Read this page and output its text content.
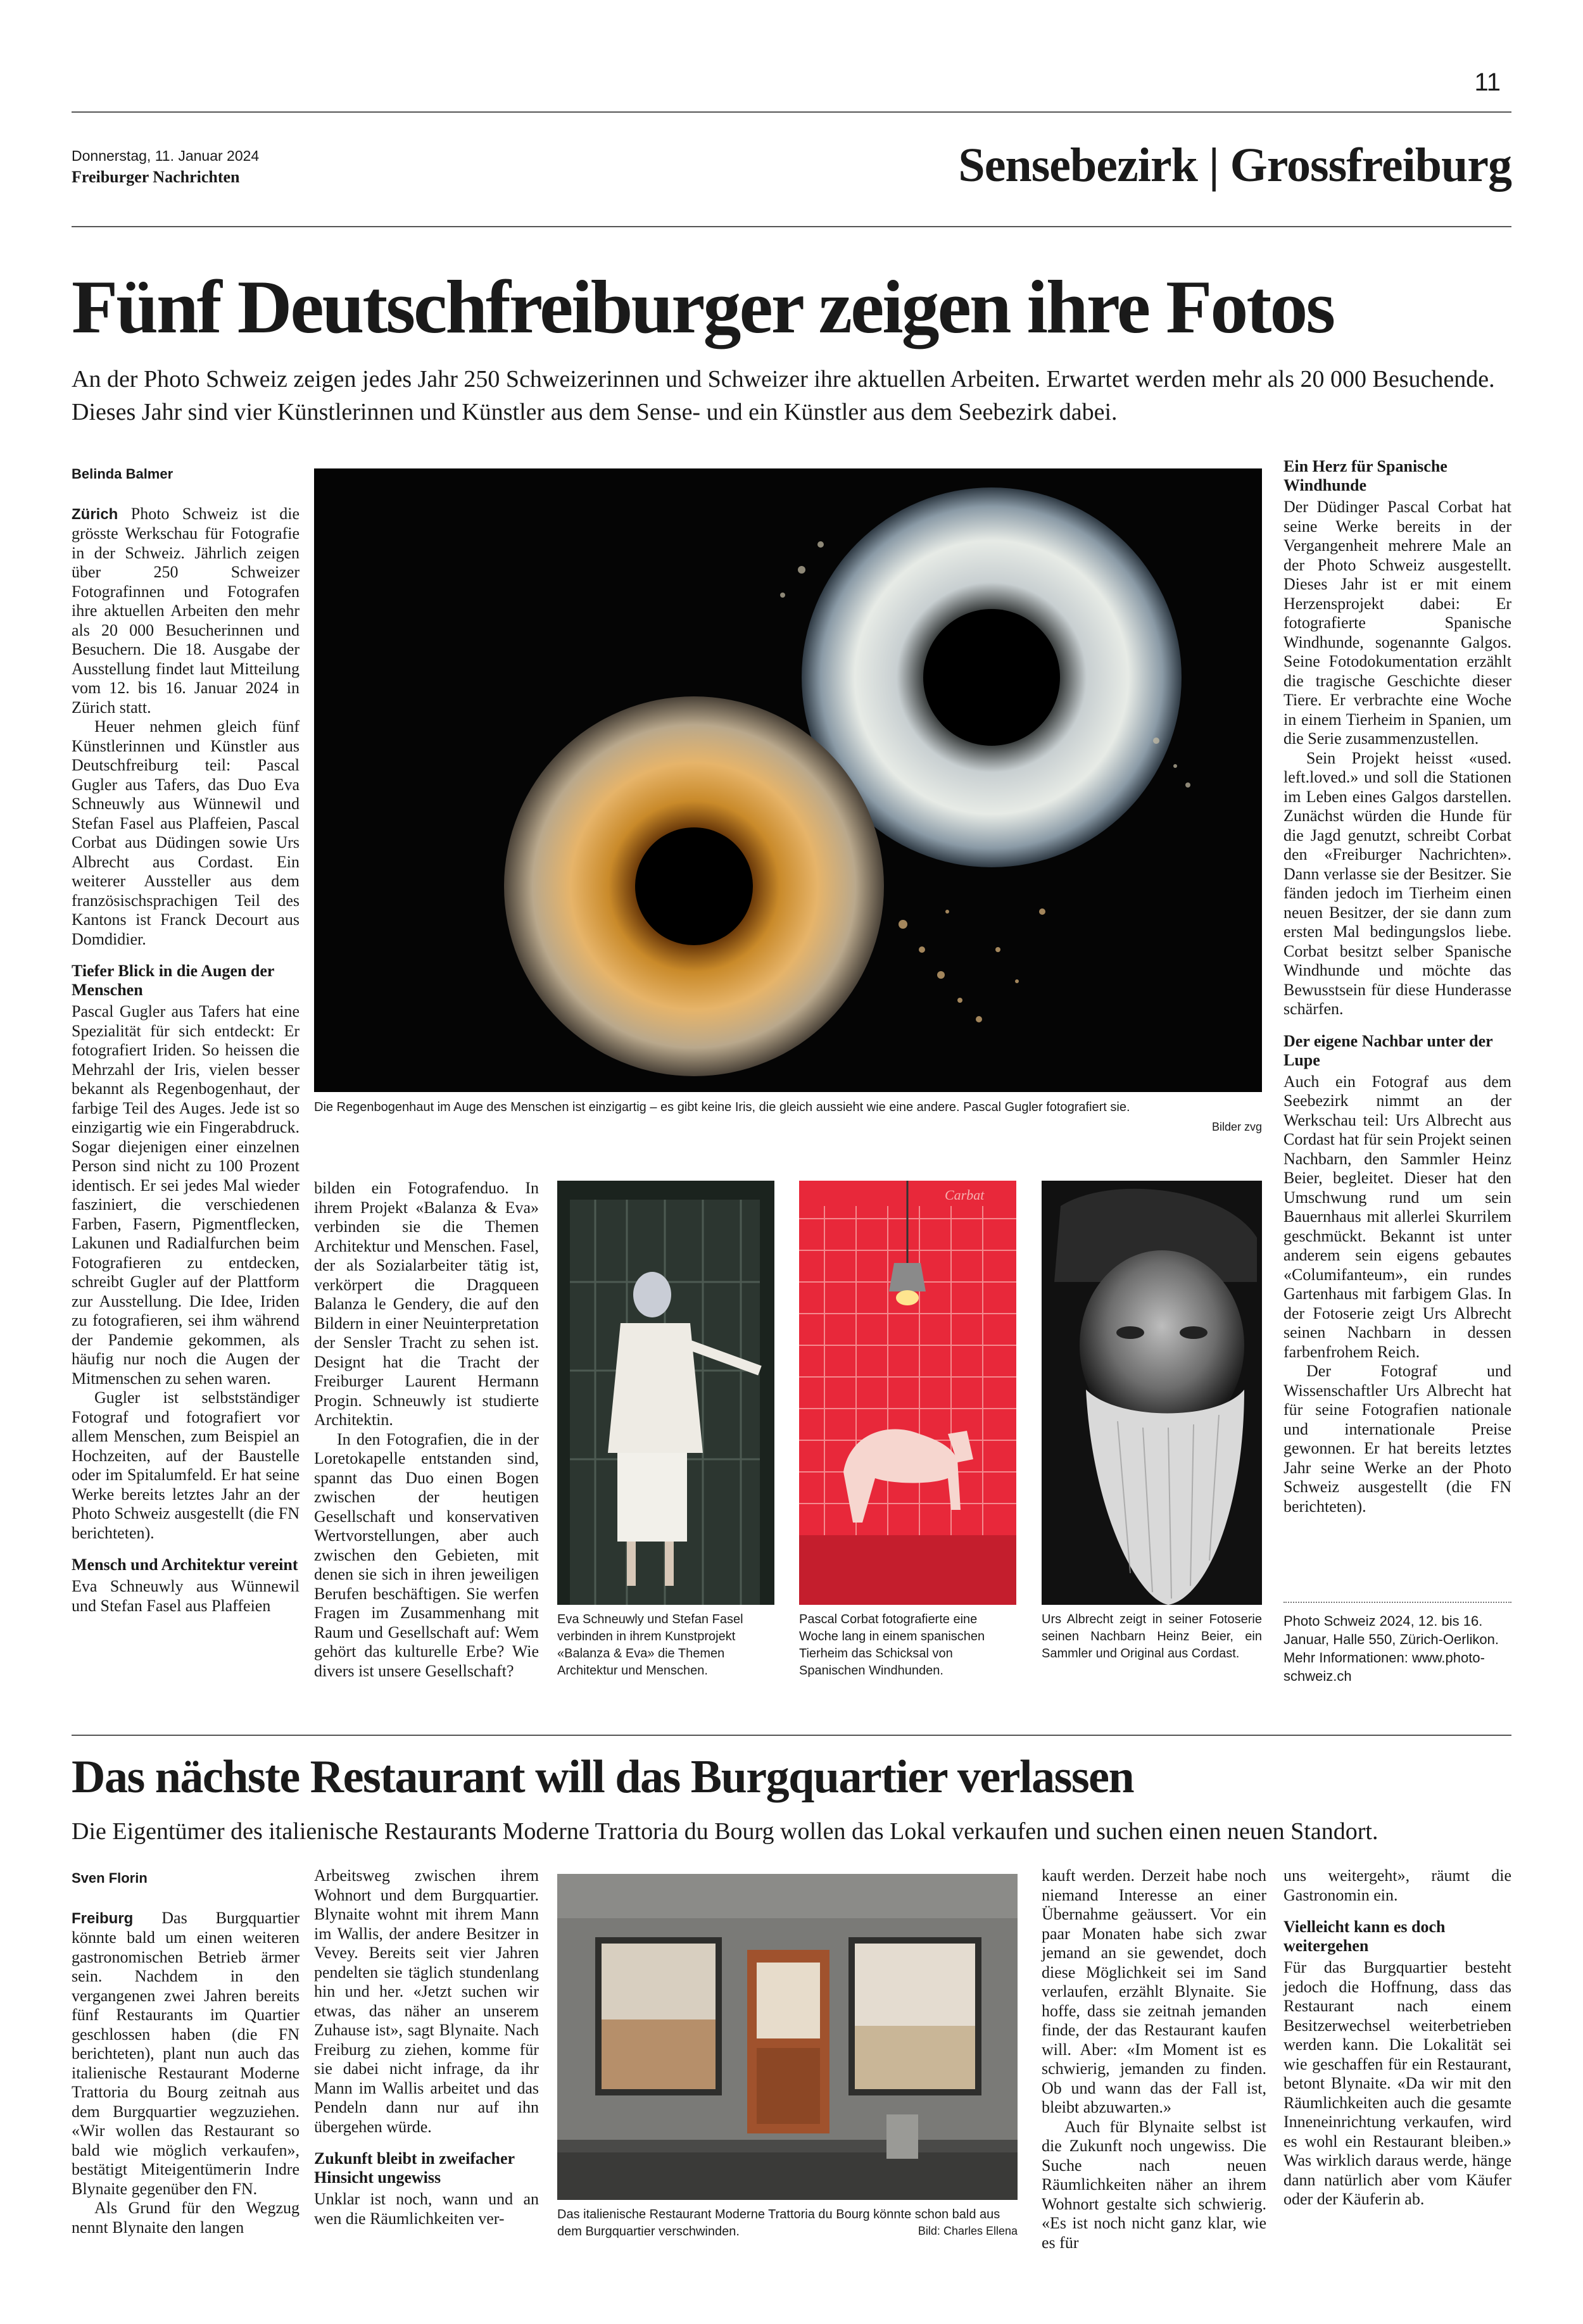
11
Donnerstag, 11. Januar 2024
Freiburger Nachrichten	Sensebezirk | Grossfreiburg
Fünf Deutschfreiburger zeigen ihre Fotos
An der Photo Schweiz zeigen jedes Jahr 250 Schweizerinnen und Schweizer ihre aktuellen Arbeiten. Erwartet werden mehr als 20 000 Besuchende. Dieses Jahr sind vier Künstlerinnen und Künstler aus dem Sense- und ein Künstler aus dem Seebezirk dabei.
Belinda Balmer

Zürich Photo Schweiz ist die grösste Werkschau für Fotografie in der Schweiz. Jährlich zeigen über 250 Schweizer Fotografinnen und Fotografen ihre aktuellen Arbeiten den mehr als 20 000 Besucherinnen und Besuchern. Die 18. Ausgabe der Ausstellung findet laut Mitteilung vom 12. bis 16. Januar 2024 in Zürich statt.

Heuer nehmen gleich fünf Künstlerinnen und Künstler aus Deutschfreiburg teil: Pascal Gugler aus Tafers, das Duo Eva Schneuwly aus Wünnewil und Stefan Fasel aus Plaffeien, Pascal Corbat aus Düdingen sowie Urs Albrecht aus Cordast. Ein weiterer Aussteller aus dem französischsprachigen Teil des Kantons ist Franck Decourt aus Domdidier.

Tiefer Blick in die Augen der Menschen

Pascal Gugler aus Tafers hat eine Spezialität für sich entdeckt: Er fotografiert Iriden. So heissen die Mehrzahl der Iris, vielen besser bekannt als Regenbogenhaut, der farbige Teil des Auges. Jede ist so einzigartig wie ein Fingerabdruck. Sogar diejenigen einer einzelnen Person sind nicht zu 100 Prozent identisch. Er sei jedes Mal wieder fasziniert, die verschiedenen Farben, Fasern, Pigmentflecken, Lakunen und Radialfurchen beim Fotografieren zu entdecken, schreibt Gugler auf der Plattform zur Ausstellung. Die Idee, Iriden zu fotografieren, sei ihm während der Pandemie gekommen, als häufig nur noch die Augen der Mitmenschen zu sehen waren.

Gugler ist selbstständiger Fotograf und fotografiert vor allem Menschen, zum Beispiel an Hochzeiten, auf der Baustelle oder im Spitalumfeld. Er hat seine Werke bereits letztes Jahr an der Photo Schweiz ausgestellt (die FN berichteten).

Mensch und Architektur vereint

Eva Schneuwly aus Wünnewil und Stefan Fasel aus Plaffeien

Die Regenbogenhaut im Auge des Menschen ist einzigartig – es gibt keine Iris, die gleich aussieht wie eine andere. Pascal Gugler fotografiert sie.
Bilder zvg

bilden ein Fotografenduo. In ihrem Projekt «Balanza & Eva» verbinden sie die Themen Architektur und Menschen. Fasel, der als Sozialarbeiter tätig ist, verkörpert die Dragqueen Balanza le Gendery, die auf den Bildern in einer Neuinterpretation der Sensler Tracht zu sehen ist. Designt hat die Tracht der Freiburger Laurent Hermann Progin. Schneuwly ist studierte Architektin.

In den Fotografien, die in der Loretokapelle entstanden sind, spannt das Duo einen Bogen zwischen der heutigen Gesellschaft und konservativen Wertvorstellungen, aber auch zwischen den Gebieten, mit denen sie sich in ihren jeweiligen Berufen beschäftigen. Sie werfen Fragen im Zusammenhang mit Raum und Gesellschaft auf: Wem gehört das kulturelle Erbe? Wie divers ist unsere Gesellschaft?

Eva Schneuwly und Stefan Fasel verbinden in ihrem Kunstprojekt «Balanza & Eva» die Themen Architektur und Menschen.
Carbat
Pascal Corbat fotografierte eine Woche lang in einem spanischen Tierheim das Schicksal von Spanischen Windhunden.
Urs Albrecht zeigt in seiner Fotoserie seinen Nachbarn Heinz Beier, ein Sammler und Original aus Cordast.
Ein Herz für Spanische Windhunde

Der Düdinger Pascal Corbat hat seine Werke bereits in der Vergangenheit mehrere Male an der Photo Schweiz ausgestellt. Dieses Jahr ist er mit einem Herzensprojekt dabei: Er fotografierte Spanische Windhunde, sogenannte Galgos. Seine Fotodokumentation erzählt die tragische Geschichte dieser Tiere. Er verbrachte eine Woche in einem Tierheim in Spanien, um die Serie zusammenzustellen.

Sein Projekt heisst «used. left.loved.» und soll die Stationen im Leben eines Galgos darstellen. Zunächst würden die Hunde für die Jagd genutzt, schreibt Corbat den «Freiburger Nachrichten». Dann verlasse sie der Besitzer. Sie fänden jedoch im Tierheim einen neuen Besitzer, der sie dann zum ersten Mal bedingungslos liebe. Corbat besitzt selber Spanische Windhunde und möchte das Bewusstsein für diese Hunderasse schärfen.

Der eigene Nachbar unter der Lupe

Auch ein Fotograf aus dem Seebezirk nimmt an der Werkschau teil: Urs Albrecht aus Cordast hat für sein Projekt seinen Nachbarn, den Sammler Heinz Beier, begleitet. Dieser hat den Umschwung rund um sein Bauernhaus mit allerlei Skurrilem geschmückt. Bekannt ist unter anderem sein eigens gebautes «Columifanteum», ein rundes Gartenhaus mit farbigem Glas. In der Fotoserie zeigt Urs Albrecht seinen Nachbarn in dessen farbenfrohem Reich.

Der Fotograf und Wissenschaftler Urs Albrecht hat für seine Fotografien nationale und internationale Preise gewonnen. Er hat bereits letztes Jahr seine Werke an der Photo Schweiz ausgestellt (die FN berichteten).

Photo Schweiz 2024, 12. bis 16. Januar, Halle 550, Zürich-Oerlikon. Mehr Informationen: www.photo-schweiz.ch
Das nächste Restaurant will das Burgquartier verlassen
Die Eigentümer des italienische Restaurants Moderne Trattoria du Bourg wollen das Lokal verkaufen und suchen einen neuen Standort.
Sven Florin

Freiburg Das Burgquartier könnte bald um einen weiteren gastronomischen Betrieb ärmer sein. Nachdem in den vergangenen zwei Jahren bereits fünf Restaurants im Quartier geschlossen haben (die FN berichteten), plant nun auch das italienische Restaurant Moderne Trattoria du Bourg zeitnah aus dem Burgquartier wegzuziehen. «Wir wollen das Restaurant so bald wie möglich verkaufen», bestätigt Miteigentümerin Indre Blynaite gegenüber den FN.

Als Grund für den Wegzug nennt Blynaite den langen

Arbeitsweg zwischen ihrem Wohnort und dem Burgquartier. Blynaite wohnt mit ihrem Mann im Wallis, der andere Besitzer in Vevey. Bereits seit vier Jahren pendelten sie täglich stundenlang hin und her. «Jetzt suchen wir etwas, das näher an unserem Zuhause ist», sagt Blynaite. Nach Freiburg zu ziehen, komme für sie dabei nicht infrage, da ihr Mann im Wallis arbeitet und das Pendeln dann nur auf ihn übergehen würde.

Zukunft bleibt in zweifacher Hinsicht ungewiss

Unklar ist noch, wann und an wen die Räumlichkeiten ver-	Das italienische Restaurant Moderne Trattoria du Bourg könnte schon bald aus dem Burgquartier verschwinden.	Bild: Charles Ellena

kauft werden. Derzeit habe noch niemand Interesse an einer Übernahme geäussert. Vor ein paar Monaten habe sich zwar jemand an sie gewendet, doch diese Möglichkeit sei im Sand verlaufen, erzählt Blynaite. Sie hoffe, dass sie zeitnah jemanden finde, der das Restaurant kaufen will. Aber: «Im Moment ist es schwierig, jemanden zu finden. Ob und wann das der Fall ist, bleibt abzuwarten.»

Auch für Blynaite selbst ist die Zukunft noch ungewiss. Die Suche nach neuen Räumlichkeiten näher an ihrem Wohnort gestalte sich schwierig. «Es ist noch nicht ganz klar, wie es für

uns weitergeht», räumt die Gastronomin ein.

Vielleicht kann es doch weitergehen

Für das Burgquartier besteht jedoch die Hoffnung, dass das Restaurant nach einem Besitzerwechsel weiterbetrieben werden kann. Die Lokalität sei wie geschaffen für ein Restaurant, betont Blynaite. «Da wir mit den Räumlichkeiten auch die gesamte Inneneinrichtung verkaufen, wird es wohl ein Restaurant bleiben.» Was wirklich daraus werde, hänge dann natürlich aber vom Käufer oder der Käuferin ab.
